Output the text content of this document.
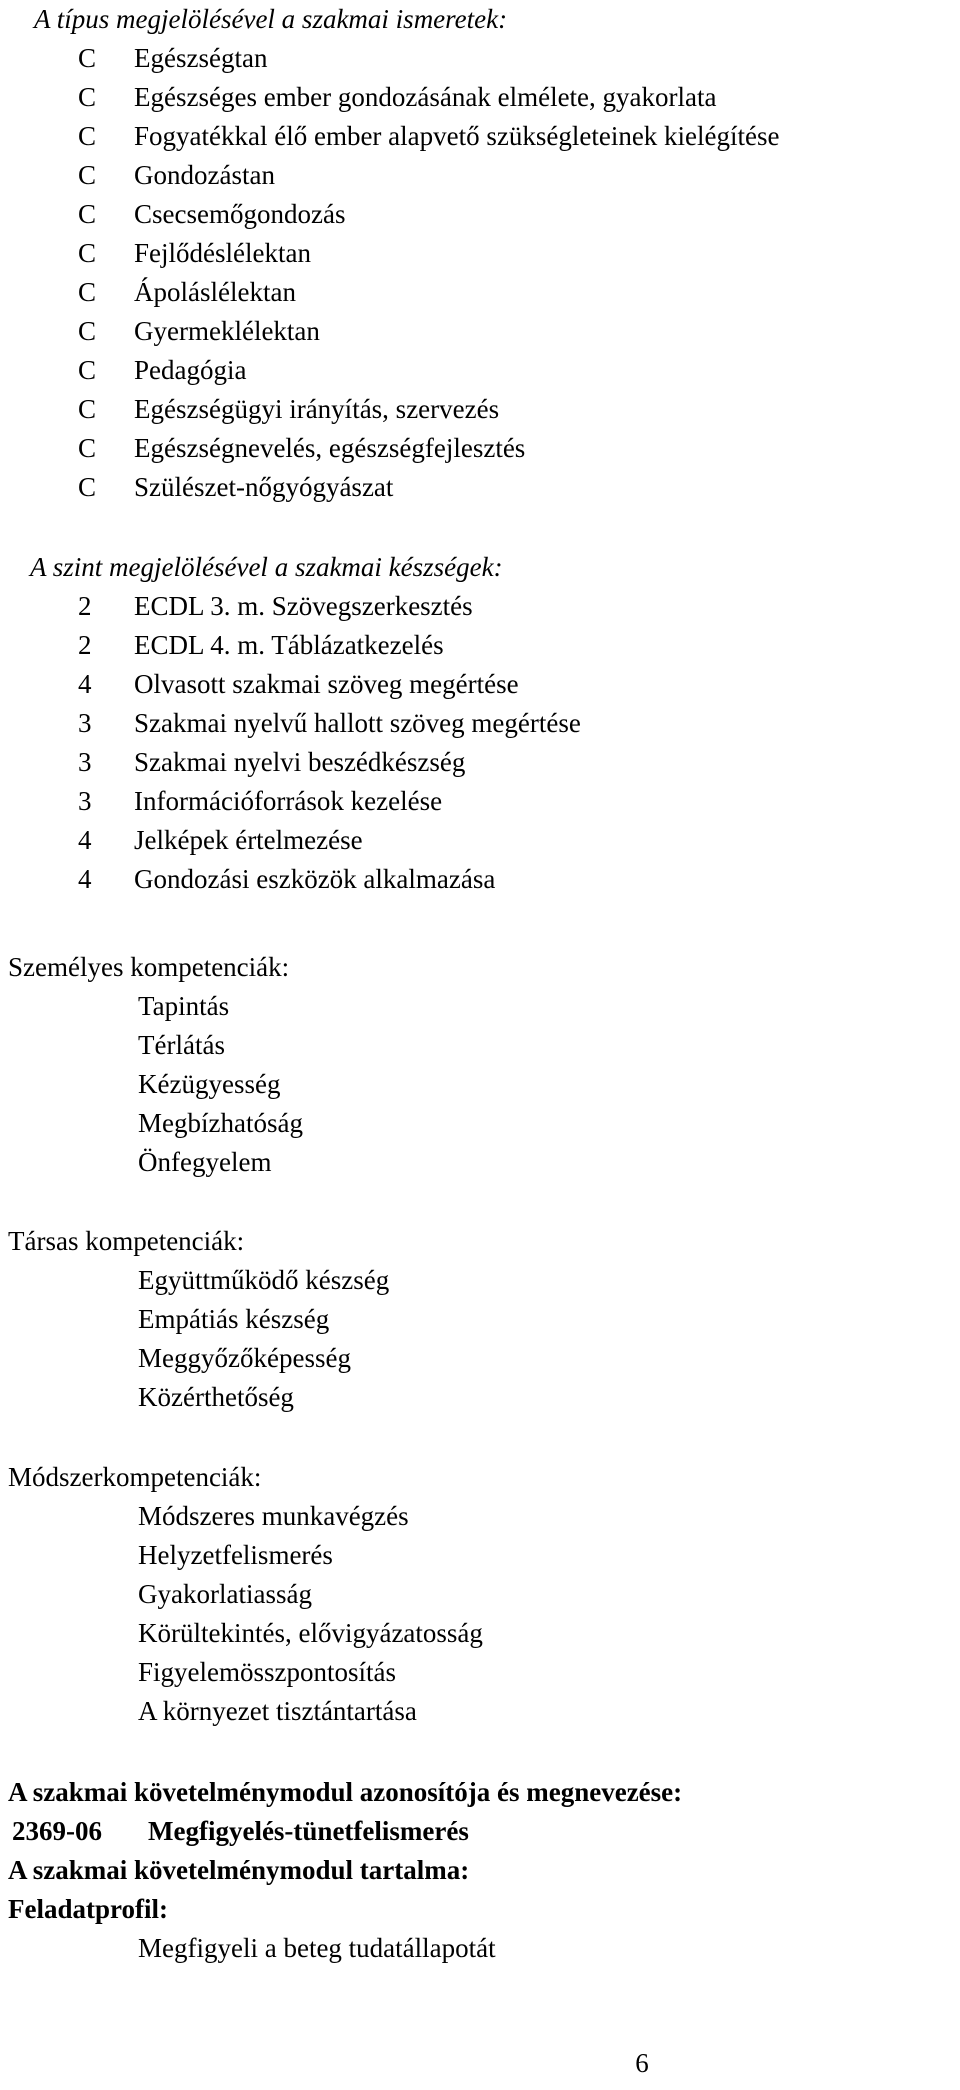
A típus megjelölésével a szakmai ismeretek:
C	Egészségtan
C	Egészséges ember gondozásának elmélete, gyakorlata
C	Fogyatékkal élő ember alapvető szükségleteinek kielégítése
C	Gondozástan
C	Csecsemőgondozás
C	Fejlődéslélektan
C	Ápoláslélektan
C	Gyermeklélektan
C	Pedagógia
C	Egészségügyi irányítás, szervezés
C	Egészségnevelés, egészségfejlesztés
C	Szülészet-nőgyógyászat
A szint megjelölésével a szakmai készségek:
2	ECDL 3. m. Szövegszerkesztés
2	ECDL 4. m. Táblázatkezelés
4	Olvasott szakmai szöveg megértése
3	Szakmai nyelvű hallott szöveg megértése
3	Szakmai nyelvi beszédkészség
3	Információforrások kezelése
4	Jelképek értelmezése
4	Gondozási eszközök alkalmazása
Személyes kompetenciák:
Tapintás
Térlátás
Kézügyesség
Megbízhatóság
Önfegyelem
Társas kompetenciák:
Együttműködő készség
Empátiás készség
Meggyőzőképesség
Közérthetőség
Módszerkompetenciák:
Módszeres munkavégzés
Helyzetfelismerés
Gyakorlatiasság
Körültekintés, elővigyázatosság
Figyelemösszpontosítás
A környezet tisztántartása
A szakmai követelménymodul azonosítója és megnevezése:
2369-06 Megfigyelés-tünetfelismerés
A szakmai követelménymodul tartalma:
Feladatprofil:
Megfigyeli a beteg tudatállapotát
6
